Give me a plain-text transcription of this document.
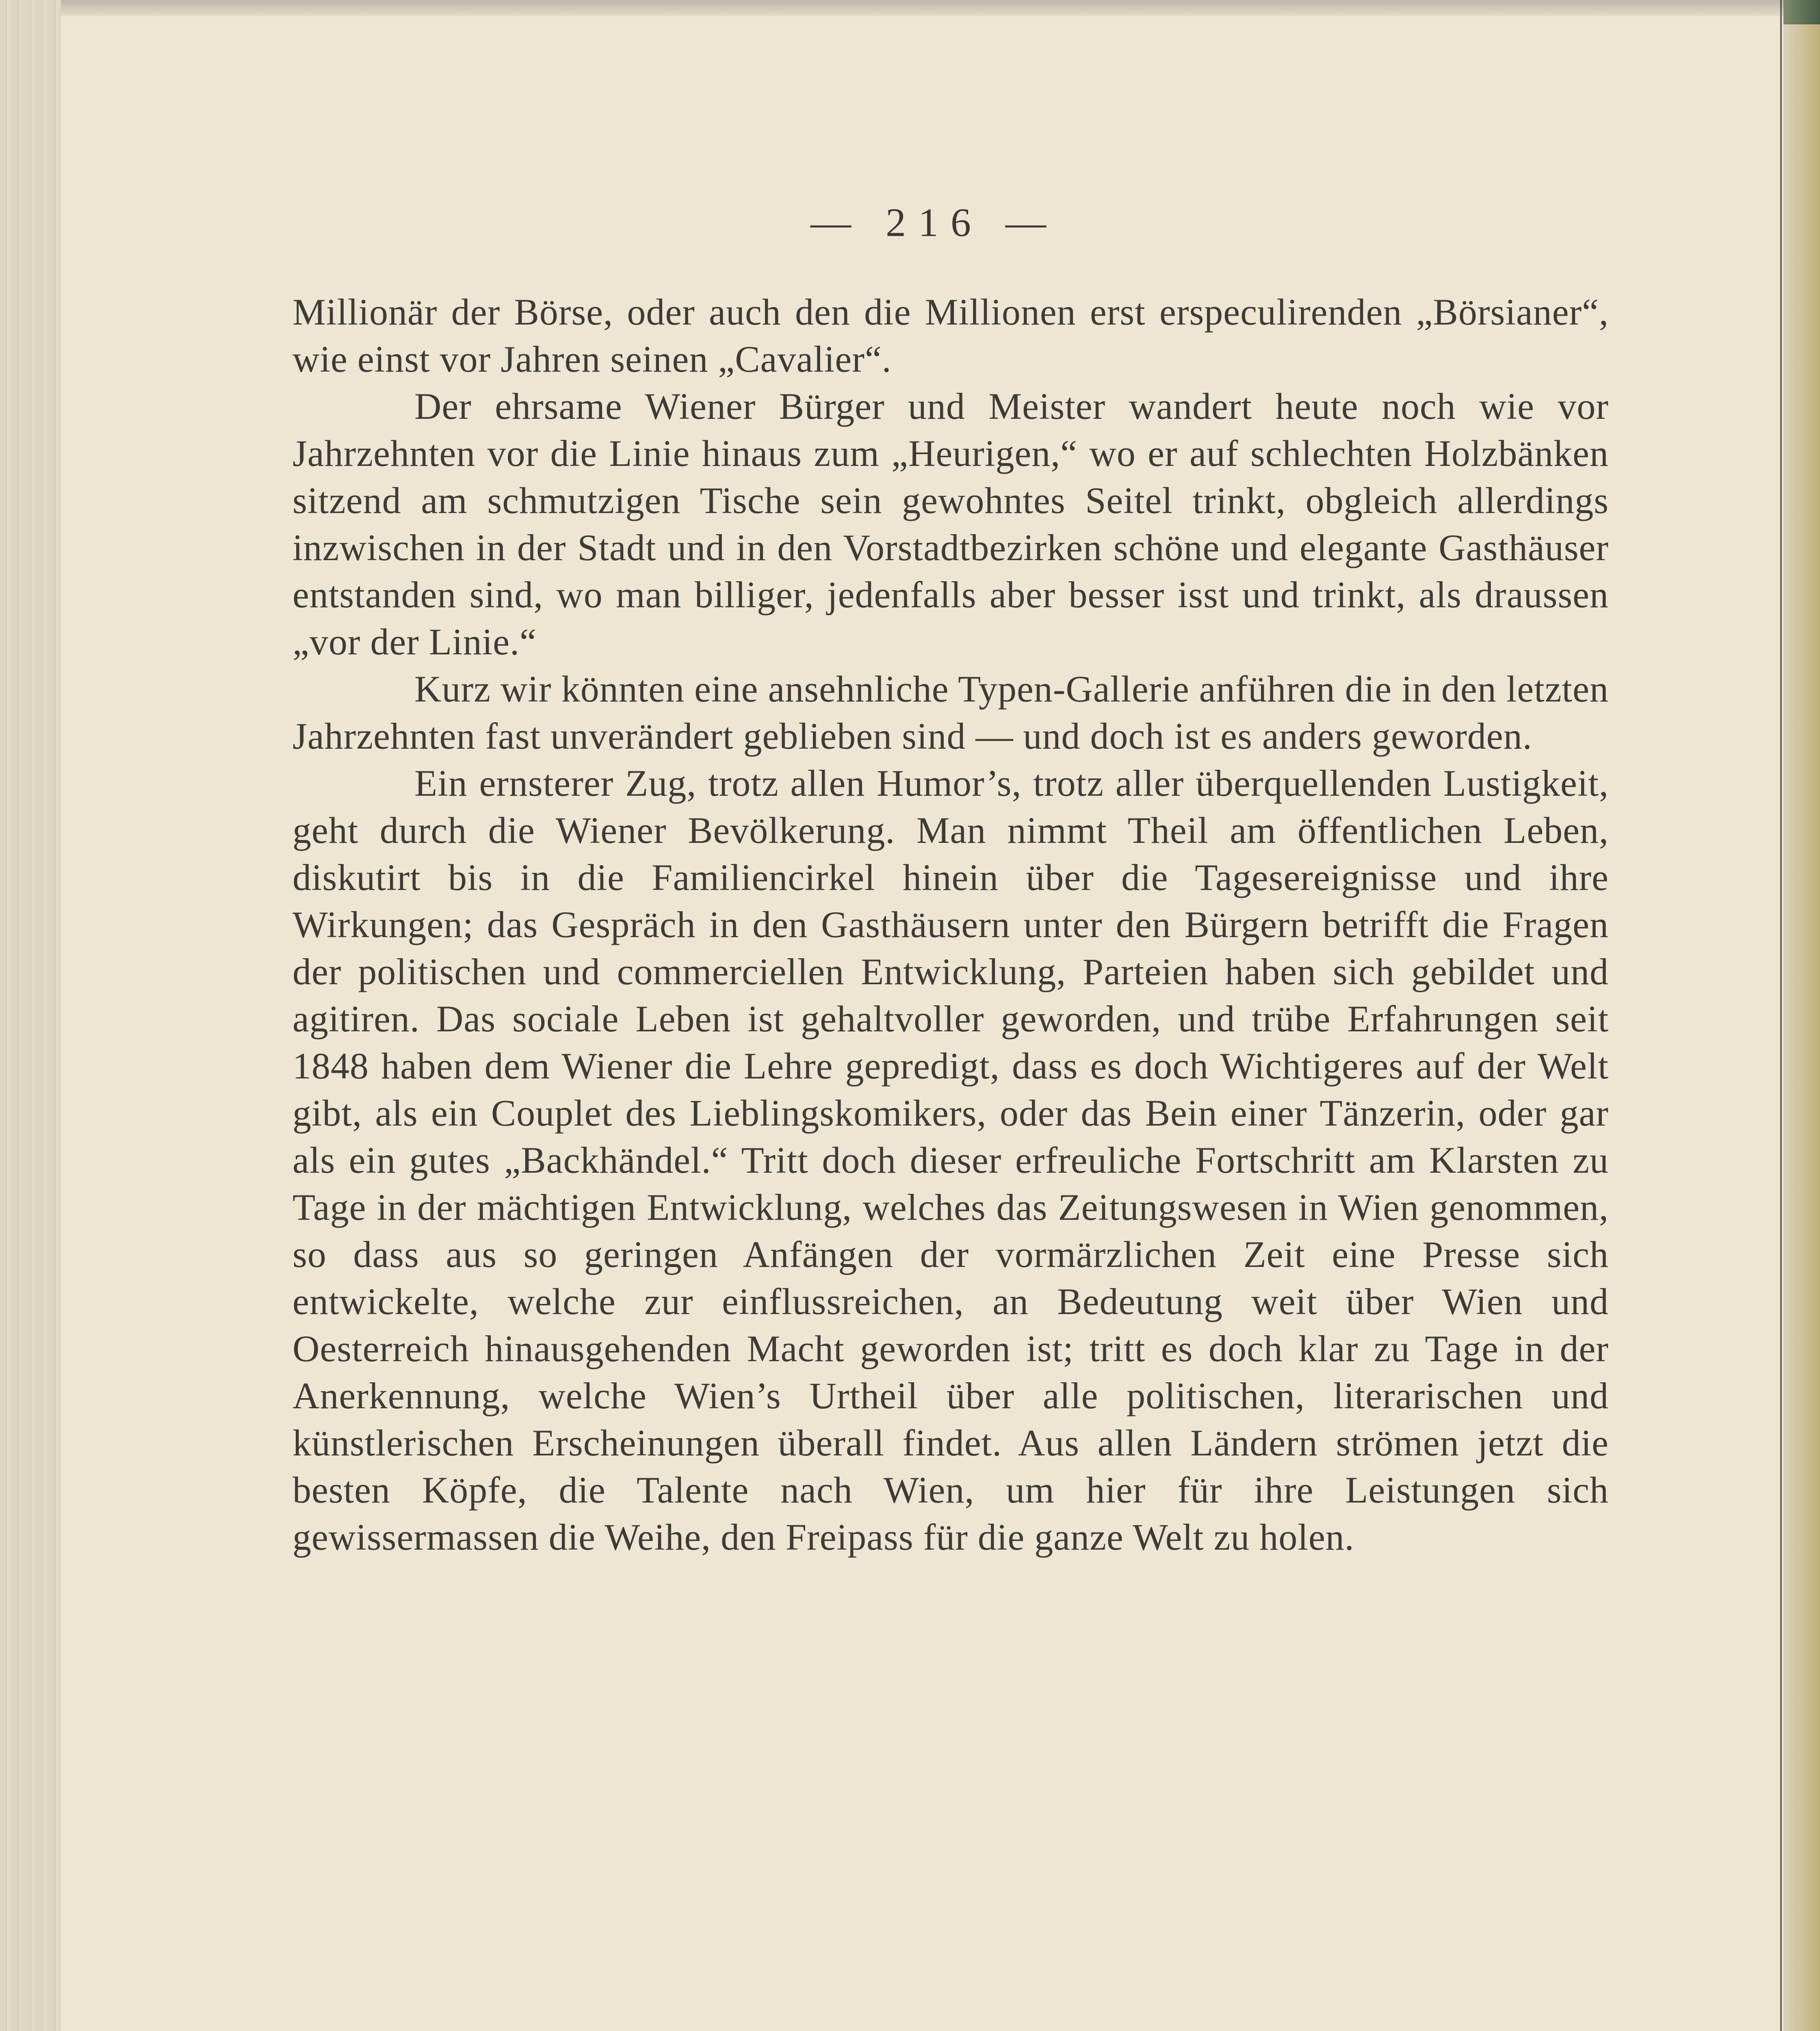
— 216 —

Millionär der Börse, oder auch den die Millionen erst erspeculirenden „Börsianer“, wie einst vor Jahren seinen „Cavalier“.

Der ehrsame Wiener Bürger und Meister wandert heute noch wie vor Jahrzehnten vor die Linie hinaus zum „Heurigen,“ wo er auf schlechten Holzbänken sitzend am schmutzigen Tische sein gewohntes Seitel trinkt, obgleich allerdings inzwischen in der Stadt und in den Vorstadtbezirken schöne und elegante Gasthäuser entstanden sind, wo man billiger, jedenfalls aber besser isst und trinkt, als draussen „vor der Linie.“

Kurz wir könnten eine ansehnliche Typen-Gallerie anführen die in den letzten Jahrzehnten fast unverändert geblieben sind — und doch ist es anders geworden.

Ein ernsterer Zug, trotz allen Humor’s, trotz aller überquellenden Lustigkeit, geht durch die Wiener Bevölkerung. Man nimmt Theil am öffentlichen Leben, diskutirt bis in die Familiencirkel hinein über die Tagesereignisse und ihre Wirkungen; das Gespräch in den Gasthäusern unter den Bürgern betrifft die Fragen der politischen und commerciellen Entwicklung, Parteien haben sich gebildet und agitiren. Das sociale Leben ist gehaltvoller geworden, und trübe Erfahrungen seit 1848 haben dem Wiener die Lehre gepredigt, dass es doch Wichtigeres auf der Welt gibt, als ein Couplet des Lieblingskomikers, oder das Bein einer Tänzerin, oder gar als ein gutes „Backhändel.“ Tritt doch dieser erfreuliche Fortschritt am Klarsten zu Tage in der mächtigen Entwicklung, welches das Zeitungswesen in Wien genommen, so dass aus so geringen Anfängen der vormärzlichen Zeit eine Presse sich entwickelte, welche zur einflussreichen, an Bedeutung weit über Wien und Oesterreich hinausgehenden Macht geworden ist; tritt es doch klar zu Tage in der Anerkennung, welche Wien’s Urtheil über alle politischen, literarischen und künstlerischen Erscheinungen überall findet. Aus allen Ländern strömen jetzt die besten Köpfe, die Talente nach Wien, um hier für ihre Leistungen sich gewissermassen die Weihe, den Freipass für die ganze Welt zu holen.
